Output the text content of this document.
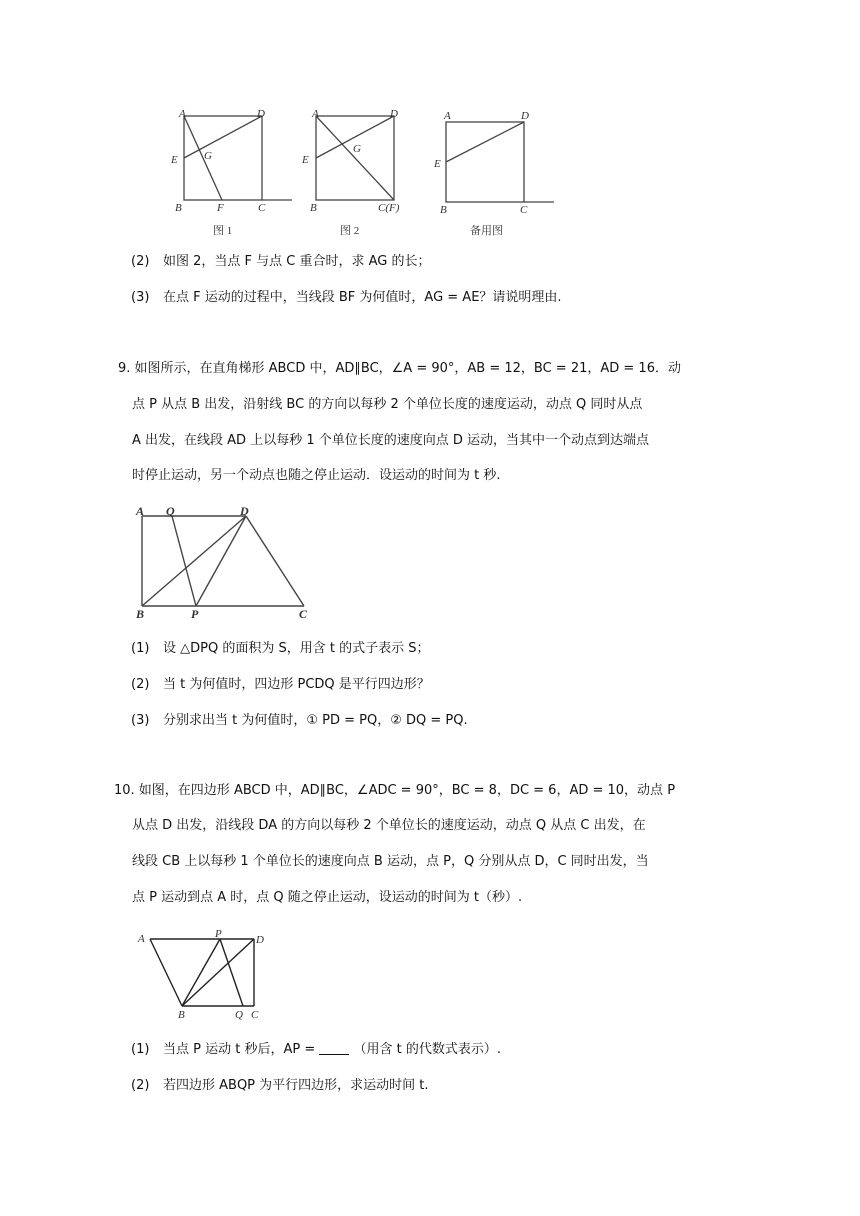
A	D
E G
B	F	C
图 1
A	D
E
G
B	C(F)
图 2
A	D
E
B	C
备用图
(2) 如图 2，当点 F 与点 C 重合时，求 AG 的长；
(3) 在点 F 运动的过程中，当线段 BF 为何值时，AG = AE？请说明理由.
9. 如图所示，在直角梯形 ABCD 中，AD∥BC，∠A = 90°，AB = 12，BC = 21，AD = 16．动
点 P 从点 B 出发，沿射线 BC 的方向以每秒 2 个单位长度的速度运动，动点 Q 同时从点
A 出发，在线段 AD 上以每秒 1 个单位长度的速度向点 D 运动，当其中一个动点到达端点
时停止运动，另一个动点也随之停止运动．设运动的时间为 t 秒.
A Q	D
B	P	C
(1) 设 △DPQ 的面积为 S，用含 t 的式子表示 S；
(2) 当 t 为何值时，四边形 PCDQ 是平行四边形？
(3) 分别求出当 t 为何值时，① PD = PQ，② DQ = PQ.
10. 如图，在四边形 ABCD 中，AD∥BC，∠ADC = 90°，BC = 8，DC = 6，AD = 10，动点 P
从点 D 出发，沿线段 DA 的方向以每秒 2 个单位长的速度运动，动点 Q 从点 C 出发，在
线段 CB 上以每秒 1 个单位长的速度向点 B 运动，点 P，Q 分别从点 D，C 同时出发，当
点 P 运动到点 A 时，点 Q 随之停止运动，设运动的时间为 t（秒）.
A	P	D
B	Q C
(1) 当点 P 运动 t 秒后，AP =	（用含 t 的代数式表示）.
(2) 若四边形 ABQP 为平行四边形，求运动时间 t.
